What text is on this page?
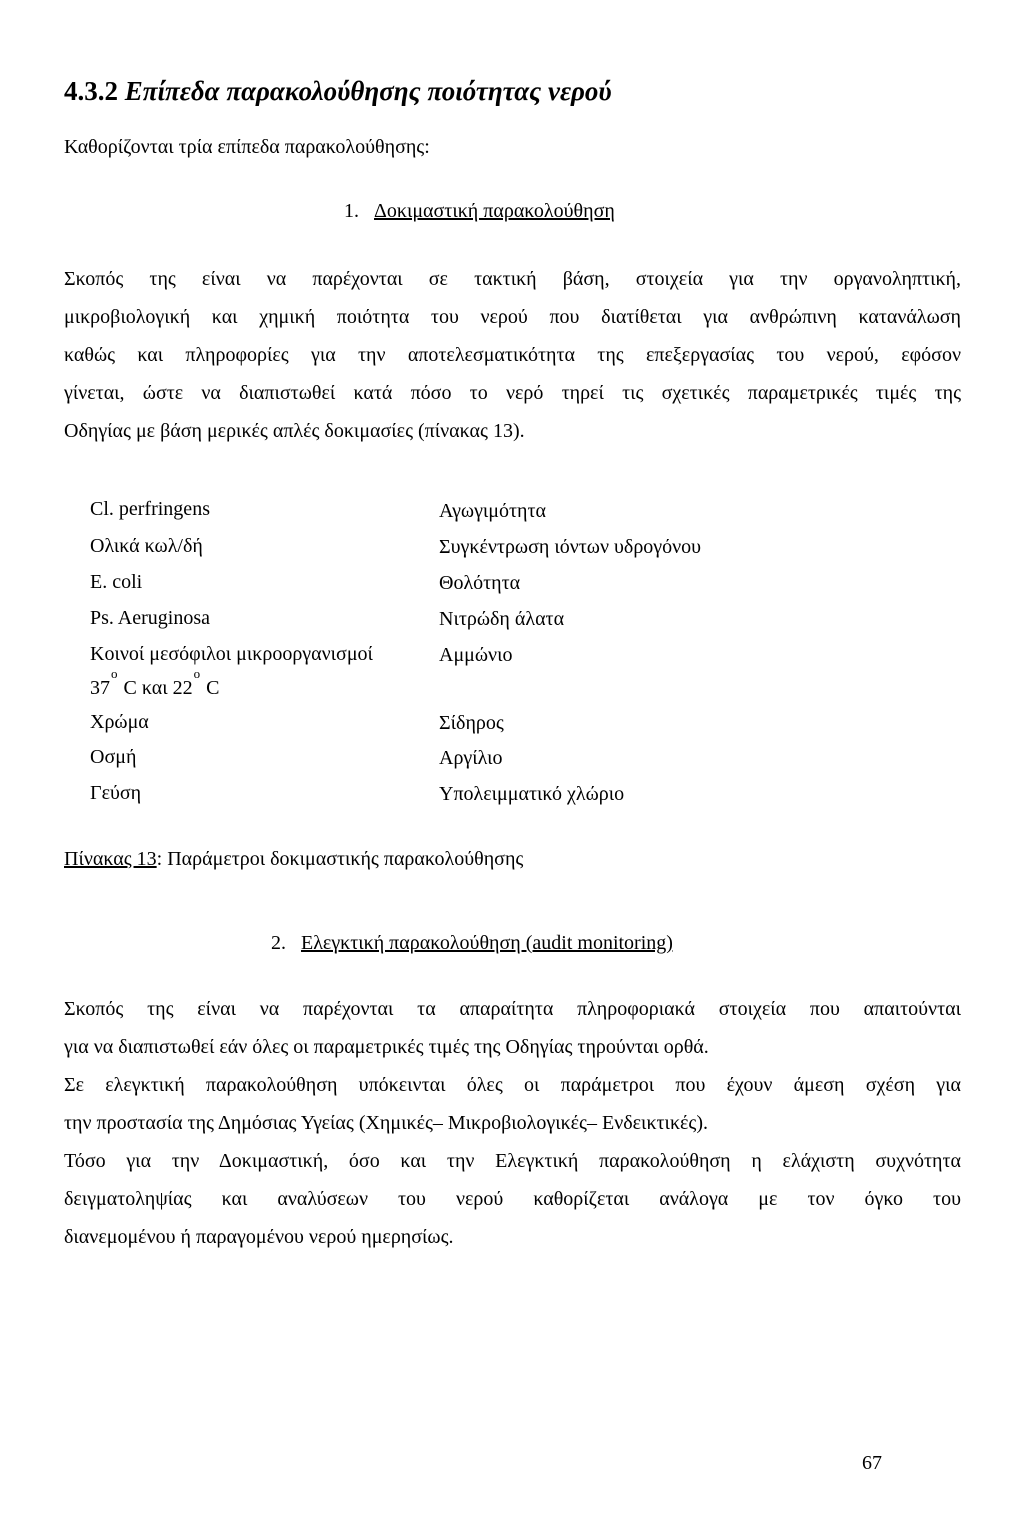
4.3.2 Επίπεδα παρακολούθησης ποιότητας νερού
Καθορίζονται τρία επίπεδα παρακολούθησης:
1. Δοκιμαστική παρακολούθηση
Σκοπός της είναι να παρέχονται σε τακτική βάση, στοιχεία για την οργανοληπτική,
μικροβιολογική και χημική ποιότητα του νερού που διατίθεται για ανθρώπινη κατανάλωση
καθώς και πληροφορίες για την αποτελεσματικότητα της επεξεργασίας του νερού, εφόσον
γίνεται, ώστε να διαπιστωθεί κατά πόσο το νερό τηρεί τις σχετικές παραμετρικές τιμές της
Οδηγίας με βάση μερικές απλές δοκιμασίες (πίνακας 13).
Cl. perfringens
Ολικά κωλ/δή
E. coli
Ps. Aeruginosa
Κοινοί μεσόφιλοι μικροοργανισμοί
37$^o$ C και 22$^o$ C
Χρώμα
Οσμή
Γεύση
Αγωγιμότητα
Συγκέντρωση ιόντων υδρογόνου
Θολότητα
Νιτρώδη άλατα
Αμμώνιο
Σίδηρος
Αργίλιο
Υπολειμματικό χλώριο
Πίνακας 13: Παράμετροι δοκιμαστικής παρακολούθησης
2. Ελεγκτική παρακολούθηση (audit monitoring)
Σκοπός της είναι να παρέχονται τα απαραίτητα πληροφοριακά στοιχεία που απαιτούνται
για να διαπιστωθεί εάν όλες οι παραμετρικές τιμές της Οδηγίας τηρούνται ορθά.
Σε ελεγκτική παρακολούθηση υπόκεινται όλες οι παράμετροι που έχουν άμεση σχέση για
την προστασία της Δημόσιας Υγείας (Χημικές– Μικροβιολογικές– Ενδεικτικές).
Τόσο για την Δοκιμαστική, όσο και την Ελεγκτική παρακολούθηση η ελάχιστη συχνότητα
δειγματοληψίας και αναλύσεων του νερού καθορίζεται ανάλογα με τον όγκο του
διανεμομένου ή παραγομένου νερού ημερησίως.
67
